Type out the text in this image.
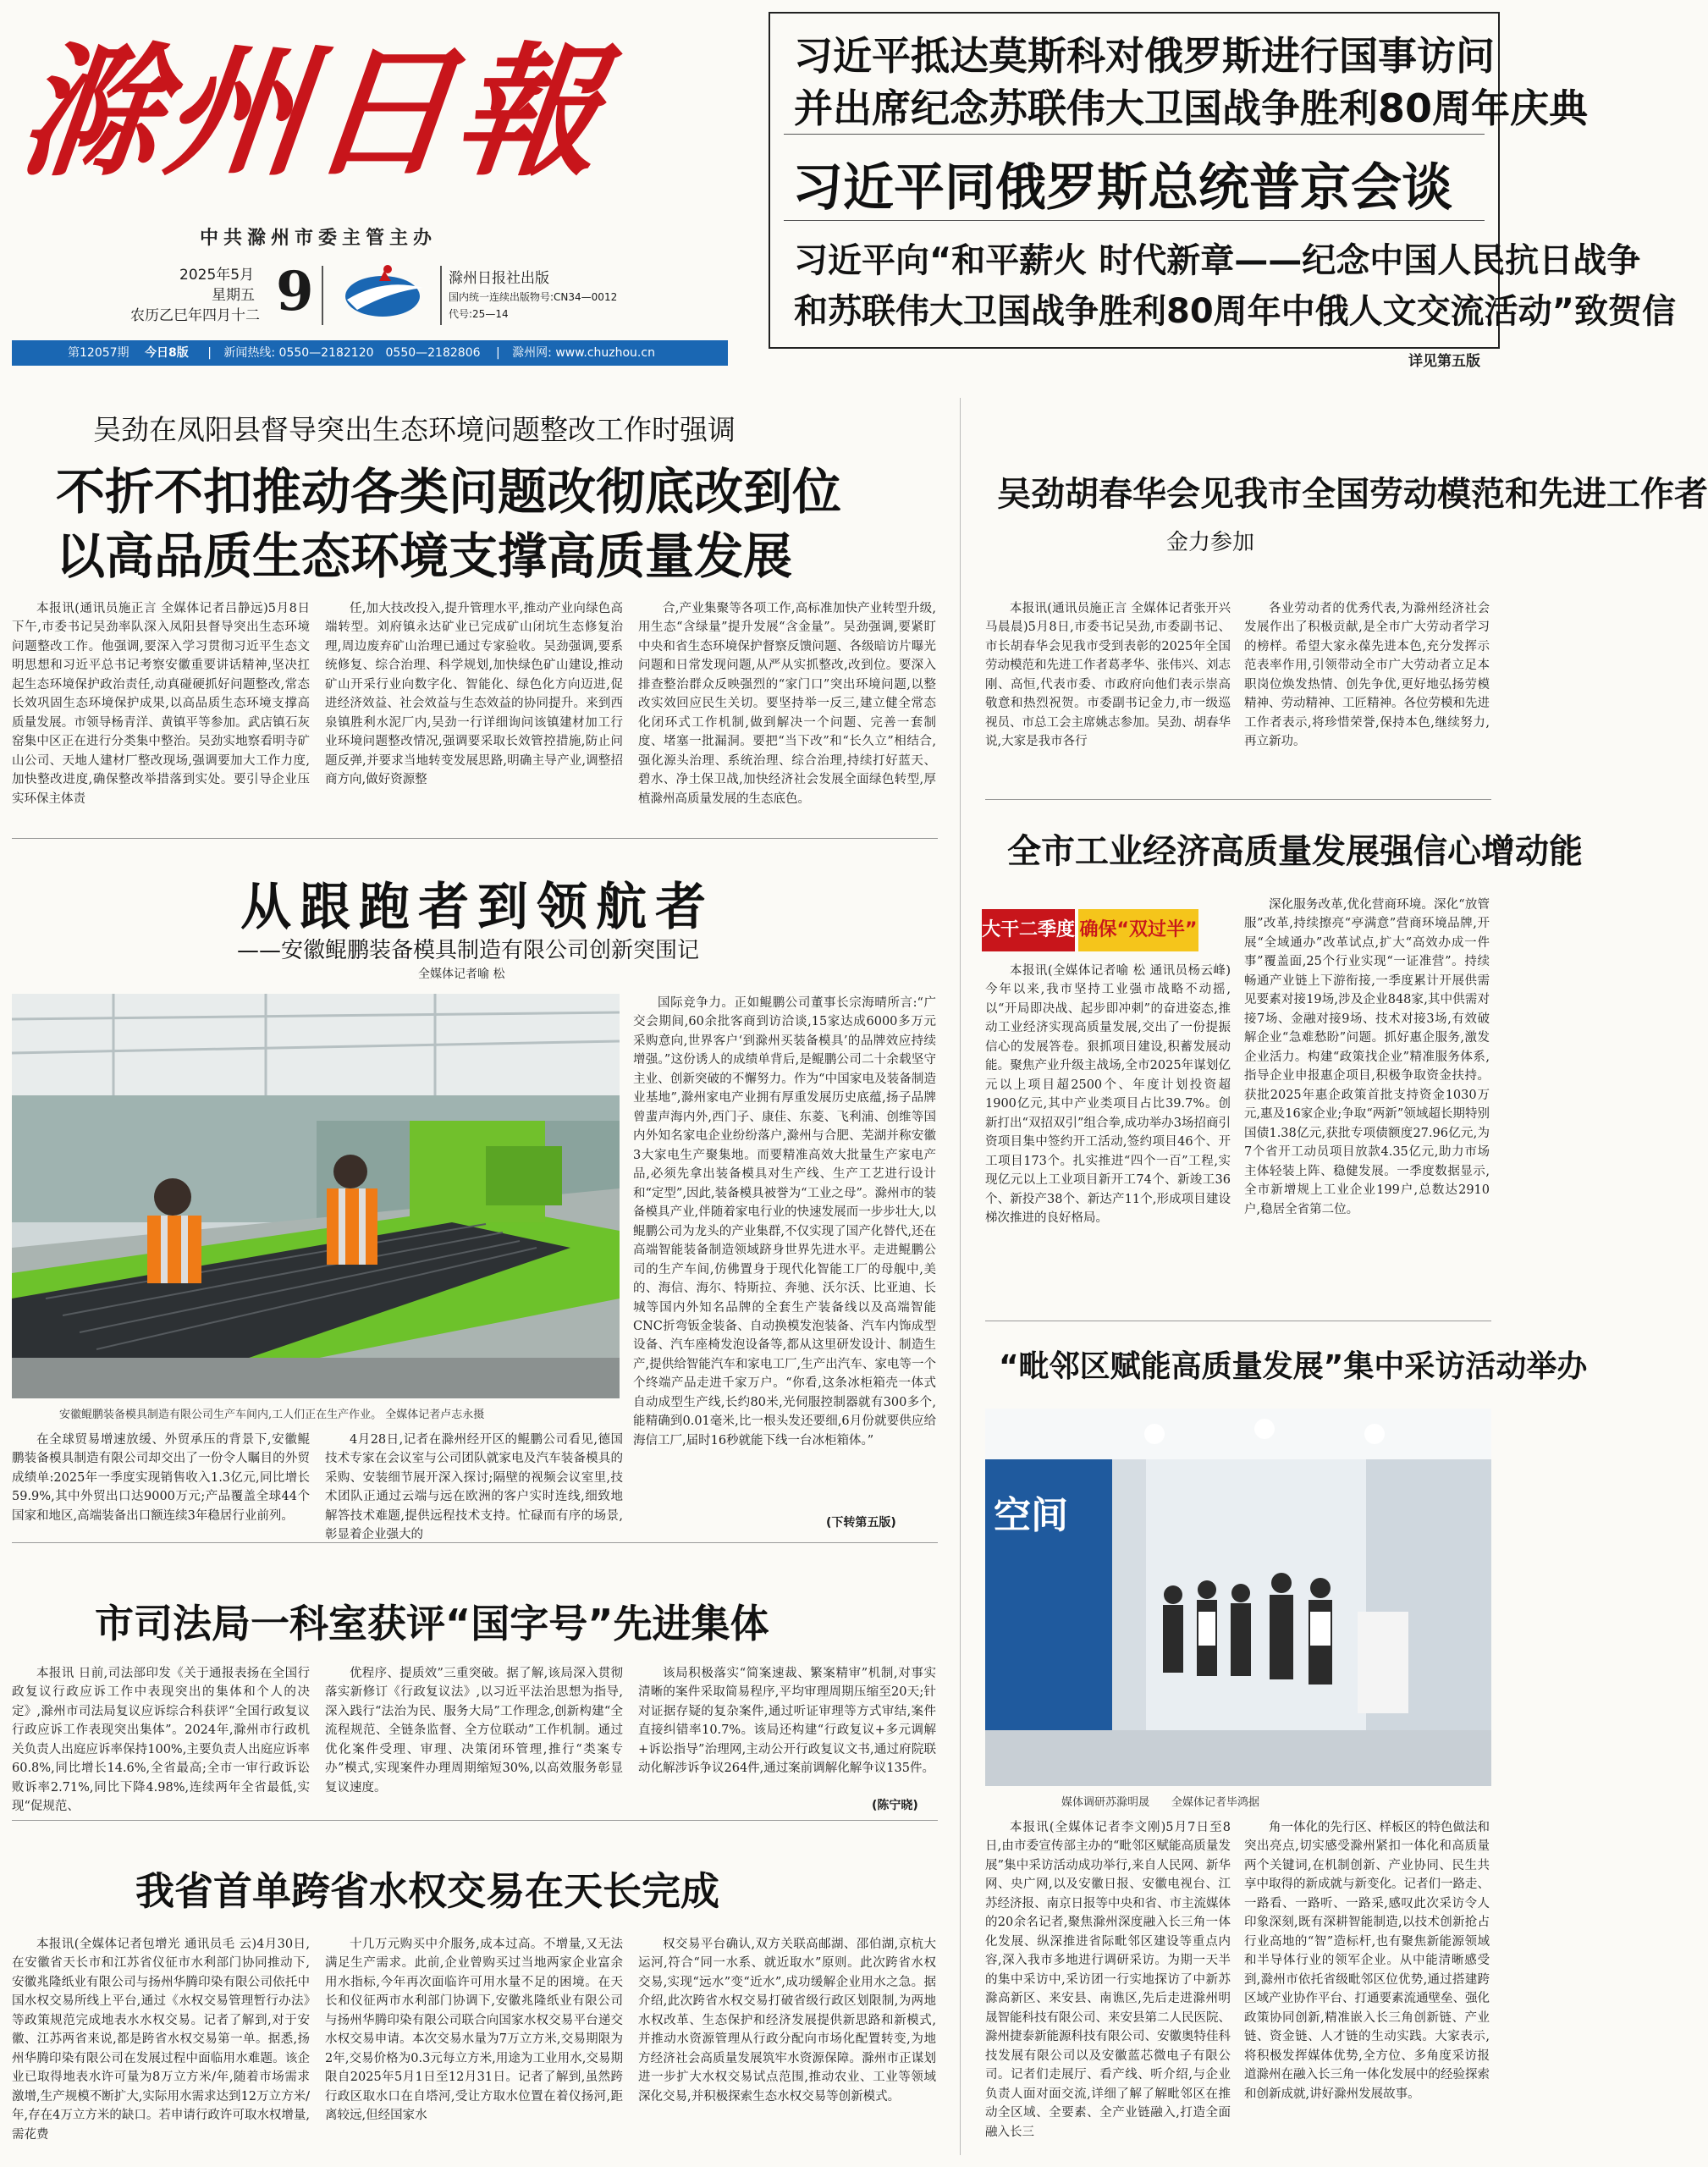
滁州日報
中共滁州市委主管主办
2025年5月
星期五
农历乙巳年四月十二 9	滁州日报社出版
国内统一连续出版物号:CN34—0012
代号:25—14
第12057期 今日8版 | 新闻热线: 0550—2182120　0550—2182806 | 滁州网: www.chuzhou.cn
习近平抵达莫斯科对俄罗斯进行国事访问
并出席纪念苏联伟大卫国战争胜利80周年庆典
习近平同俄罗斯总统普京会谈
习近平向“和平薪火 时代新章——纪念中国人民抗日战争
和苏联伟大卫国战争胜利80周年中俄人文交流活动”致贺信
详见第五版
吴劲在凤阳县督导突出生态环境问题整改工作时强调
不折不扣推动各类问题改彻底改到位
以高品质生态环境支撑高质量发展

本报讯(通讯员施正言 全媒体记者吕静远)5月8日下午,市委书记吴劲率队深入凤阳县督导突出生态环境问题整改工作。他强调,要深入学习贯彻习近平生态文明思想和习近平总书记考察安徽重要讲话精神,坚决扛起生态环境保护政治责任,动真碰硬抓好问题整改,常态长效巩固生态环境保护成果,以高品质生态环境支撑高质量发展。市领导杨青洋、黄镇平等参加。武店镇石灰窑集中区正在进行分类集中整治。吴劲实地察看明寺矿山公司、天地人建材厂整改现场,强调要加大工作力度,加快整改进度,确保整改举措落到实处。要引导企业压实环保主体责

任,加大技改投入,提升管理水平,推动产业向绿色高端转型。刘府镇永达矿业已完成矿山闭坑生态修复治理,周边废弃矿山治理已通过专家验收。吴劲强调,要系统修复、综合治理、科学规划,加快绿色矿山建设,推动矿山开采行业向数字化、智能化、绿色化方向迈进,促进经济效益、社会效益与生态效益的协同提升。来到西泉镇胜利水泥厂内,吴劲一行详细询问该镇建材加工行业环境问题整改情况,强调要采取长效管控措施,防止问题反弹,并要求当地转变发展思路,明确主导产业,调整招商方向,做好资源整

合,产业集聚等各项工作,高标准加快产业转型升级,用生态“含绿量”提升发展“含金量”。吴劲强调,要紧盯中央和省生态环境保护督察反馈问题、各级暗访片曝光问题和日常发现问题,从严从实抓整改,改到位。要深入排查整治群众反映强烈的“家门口”突出环境问题,以整改实效回应民生关切。要坚持举一反三,建立健全常态化闭环式工作机制,做到解决一个问题、完善一套制度、堵塞一批漏洞。要把“当下改”和“长久立”相结合,强化源头治理、系统治理、综合治理,持续打好蓝天、碧水、净土保卫战,加快经济社会发展全面绿色转型,厚植滁州高质量发展的生态底色。

吴劲胡春华会见我市全国劳动模范和先进工作者
金力参加

本报讯(通讯员施正言 全媒体记者张开兴 马晨晨)5月8日,市委书记吴劲,市委副书记、市长胡春华会见我市受到表彰的2025年全国劳动模范和先进工作者葛孝华、张伟兴、刘志刚、高恒,代表市委、市政府向他们表示崇高敬意和热烈祝贺。市委副书记金力,市一级巡视员、市总工会主席姚志参加。吴劲、胡春华说,大家是我市各行

各业劳动者的优秀代表,为滁州经济社会发展作出了积极贡献,是全市广大劳动者学习的榜样。希望大家永葆先进本色,充分发挥示范表率作用,引领带动全市广大劳动者立足本职岗位焕发热情、创先争优,更好地弘扬劳模精神、劳动精神、工匠精神。各位劳模和先进工作者表示,将珍惜荣誉,保持本色,继续努力,再立新功。

全市工业经济高质量发展强信心增动能
大干二季度 确保“双过半”

本报讯(全媒体记者喻 松 通讯员杨云峰)今年以来,我市坚持工业强市战略不动摇,以“开局即决战、起步即冲刺”的奋进姿态,推动工业经济实现高质量发展,交出了一份提振信心的发展答卷。狠抓项目建设,积蓄发展动能。聚焦产业升级主战场,全市2025年谋划亿元以上项目超2500个、年度计划投资超1900亿元,其中产业类项目占比39.7%。创新打出“双招双引”组合拳,成功举办3场招商引资项目集中签约开工活动,签约项目46个、开工项目173个。扎实推进“四个一百”工程,实现亿元以上工业项目新开工74个、新竣工36个、新投产38个、新达产11个,形成项目建设梯次推进的良好格局。

深化服务改革,优化营商环境。深化“放管服”改革,持续擦亮“亭满意”营商环境品牌,开展“全域通办”改革试点,扩大“高效办成一件事”覆盖面,25个行业实现“一证准营”。持续畅通产业链上下游衔接,一季度累计开展供需见要素对接19场,涉及企业848家,其中供需对接7场、金融对接9场、技术对接3场,有效破解企业“急难愁盼”问题。抓好惠企服务,激发企业活力。构建“政策找企业”精准服务体系,指导企业申报惠企项目,积极争取资金扶持。获批2025年惠企政策首批支持资金1030万元,惠及16家企业;争取“两新”领域超长期特别国债1.38亿元,获批专项债额度27.96亿元,为7个省开工动员项目放款4.35亿元,助力市场主体轻装上阵、稳健发展。一季度数据显示,全市新增规上工业企业199户,总数达2910户,稳居全省第二位。

从跟跑者到领航者
——安徽鲲鹏装备模具制造有限公司创新突围记
全媒体记者喻 松
安徽鲲鹏装备模具制造有限公司生产车间内,工人们正在生产作业。 全媒体记者卢志永摄

国际竞争力。正如鲲鹏公司董事长宗海晴所言:“广交会期间,60余批客商到访洽谈,15家达成6000多万元采购意向,世界客户‘到滁州买装备模具’的品牌效应持续增强。”这份诱人的成绩单背后,是鲲鹏公司二十余载坚守主业、创新突破的不懈努力。作为“中国家电及装备制造业基地”,滁州家电产业拥有厚重发展历史底蕴,扬子品牌曾蜚声海内外,西门子、康佳、东菱、飞利浦、创维等国内外知名家电企业纷纷落户,滁州与合肥、芜湖并称安徽3大家电生产聚集地。而要精准高效大批量生产家电产品,必须先拿出装备模具对生产线、生产工艺进行设计和“定型”,因此,装备模具被誉为“工业之母”。滁州市的装备模具产业,伴随着家电行业的快速发展而一步步壮大,以鲲鹏公司为龙头的产业集群,不仅实现了国产化替代,还在高端智能装备制造领域跻身世界先进水平。走进鲲鹏公司的生产车间,仿佛置身于现代化智能工厂的母舰中,美的、海信、海尔、特斯拉、奔驰、沃尔沃、比亚迪、长城等国内外知名品牌的全套生产装备线以及高端智能CNC折弯钣金装备、自动换模发泡装备、汽车内饰成型设备、汽车座椅发泡设备等,都从这里研发设计、制造生产,提供给智能汽车和家电工厂,生产出汽车、家电等一个个终端产品走进千家万户。“你看,这条冰柜箱壳一体式自动成型生产线,长约80米,光伺服控制器就有300多个,能精确到0.01毫米,比一根头发还要细,6月份就要供应给海信工厂,届时16秒就能下线一台冰柜箱体。”

(下转第五版)

在全球贸易增速放缓、外贸承压的背景下,安徽鲲鹏装备模具制造有限公司却交出了一份令人瞩目的外贸成绩单:2025年一季度实现销售收入1.3亿元,同比增长59.9%,其中外贸出口达9000万元;产品覆盖全球44个国家和地区,高端装备出口额连续3年稳居行业前列。

4月28日,记者在滁州经开区的鲲鹏公司看见,德国技术专家在会议室与公司团队就家电及汽车装备模具的采购、安装细节展开深入探讨;隔壁的视频会议室里,技术团队正通过云端与远在欧洲的客户实时连线,细致地解答技术难题,提供远程技术支持。忙碌而有序的场景,彰显着企业强大的

“毗邻区赋能高质量发展”集中采访活动举办
空间
媒体调研苏滁明晟　　全媒体记者毕鸿据

本报讯(全媒体记者李文刚)5月7日至8日,由市委宣传部主办的“毗邻区赋能高质量发展”集中采访活动成功举行,来自人民网、新华网、央广网,以及安徽日报、安徽电视台、江苏经济报、南京日报等中央和省、市主流媒体的20余名记者,聚焦滁州深度融入长三角一体化发展、纵深推进省际毗邻区建设等重点内容,深入我市多地进行调研采访。为期一天半的集中采访中,采访团一行实地探访了中新苏滁高新区、来安县、南谯区,先后走进滁州明晟智能科技有限公司、来安县第二人民医院、滁州捷泰新能源科技有限公司、安徽奥特佳科技发展有限公司以及安徽蓝芯微电子有限公司。记者们走展厅、看产线、听介绍,与企业负责人面对面交流,详细了解了解毗邻区在推动全区域、全要素、全产业链融入,打造全面融入长三

角一体化的先行区、样板区的特色做法和突出亮点,切实感受滁州紧扣一体化和高质量两个关键词,在机制创新、产业协同、民生共享中取得的新成就与新变化。记者们一路走、一路看、一路听、一路采,感叹此次采访令人印象深刻,既有深耕智能制造,以技术创新抢占行业高地的“智”造标杆,也有聚焦新能源领域和半导体行业的领军企业。从中能清晰感受到,滁州市依托省级毗邻区位优势,通过搭建跨区域产业协作平台、打通要素流通壁垒、强化政策协同创新,精准嵌入长三角创新链、产业链、资金链、人才链的生动实践。大家表示,将积极发挥媒体优势,全方位、多角度采访报道滁州在融入长三角一体化发展中的经验探索和创新成就,讲好滁州发展故事。

市司法局一科室获评“国字号”先进集体

本报讯 日前,司法部印发《关于通报表扬在全国行政复议行政应诉工作中表现突出的集体和个人的决定》,滁州市司法局复议应诉综合科获评“全国行政复议行政应诉工作表现突出集体”。2024年,滁州市行政机关负责人出庭应诉率保持100%,主要负责人出庭应诉率60.8%,同比增长14.6%,全省最高;全市一审行政诉讼败诉率2.71%,同比下降4.98%,连续两年全省最低,实现“促规范、

优程序、提质效”三重突破。据了解,该局深入贯彻落实新修订《行政复议法》,以习近平法治思想为指导,深入践行“法治为民、服务大局”工作理念,创新构建“全流程规范、全链条监督、全方位联动”工作机制。通过优化案件受理、审理、决策闭环管理,推行“类案专办”模式,实现案件办理周期缩短30%,以高效服务彰显复议速度。

该局积极落实“简案速裁、繁案精审”机制,对事实清晰的案件采取简易程序,平均审理周期压缩至20天;针对证据存疑的复杂案件,通过听证审理等方式审结,案件直接纠错率10.7%。该局还构建“行政复议+多元调解+诉讼指导”治理网,主动公开行政复议文书,通过府院联动化解涉诉争议264件,通过案前调解化解争议135件。

(陈宁晓)
我省首单跨省水权交易在天长完成

本报讯(全媒体记者包增光 通讯员毛 云)4月30日,在安徽省天长市和江苏省仪征市水利部门协同推动下,安徽兆隆纸业有限公司与扬州华腾印染有限公司依托中国水权交易所线上平台,通过《水权交易管理暂行办法》等政策规范完成地表水水权交易。记者了解到,对于安徽、江苏两省来说,都是跨省水权交易第一单。据悉,扬州华腾印染有限公司在发展过程中面临用水难题。该企业已取得地表水许可量为8万立方米/年,随着市场需求激增,生产规模不断扩大,实际用水需求达到12万立方米/年,存在4万立方米的缺口。若申请行政许可取水权增量,需花费

十几万元购买中介服务,成本过高。不增量,又无法满足生产需求。此前,企业曾购买过当地两家企业富余用水指标,今年再次面临许可用水量不足的困境。在天长和仪征两市水利部门协调下,安徽兆隆纸业有限公司与扬州华腾印染有限公司联合向国家水权交易平台递交水权交易申请。本次交易水量为7万立方米,交易期限为2年,交易价格为0.3元每立方米,用途为工业用水,交易期限自2025年5月1日至12月31日。记者了解到,虽然跨行政区取水口在自塔河,受让方取水位置在着仪扬河,距离较远,但经国家水

权交易平台确认,双方关联高邮湖、邵伯湖,京杭大运河,符合“同一水系、就近取水”原则。此次跨省水权交易,实现“远水”变“近水”,成功缓解企业用水之急。据介绍,此次跨省水权交易打破省级行政区划限制,为两地水权改革、生态保护和经济发展提供新思路和新模式,并推动水资源管理从行政分配向市场化配置转变,为地方经济社会高质量发展筑牢水资源保障。滁州市正谋划进一步扩大水权交易试点范围,推动农业、工业等领域深化交易,并积极探索生态水权交易等创新模式。
